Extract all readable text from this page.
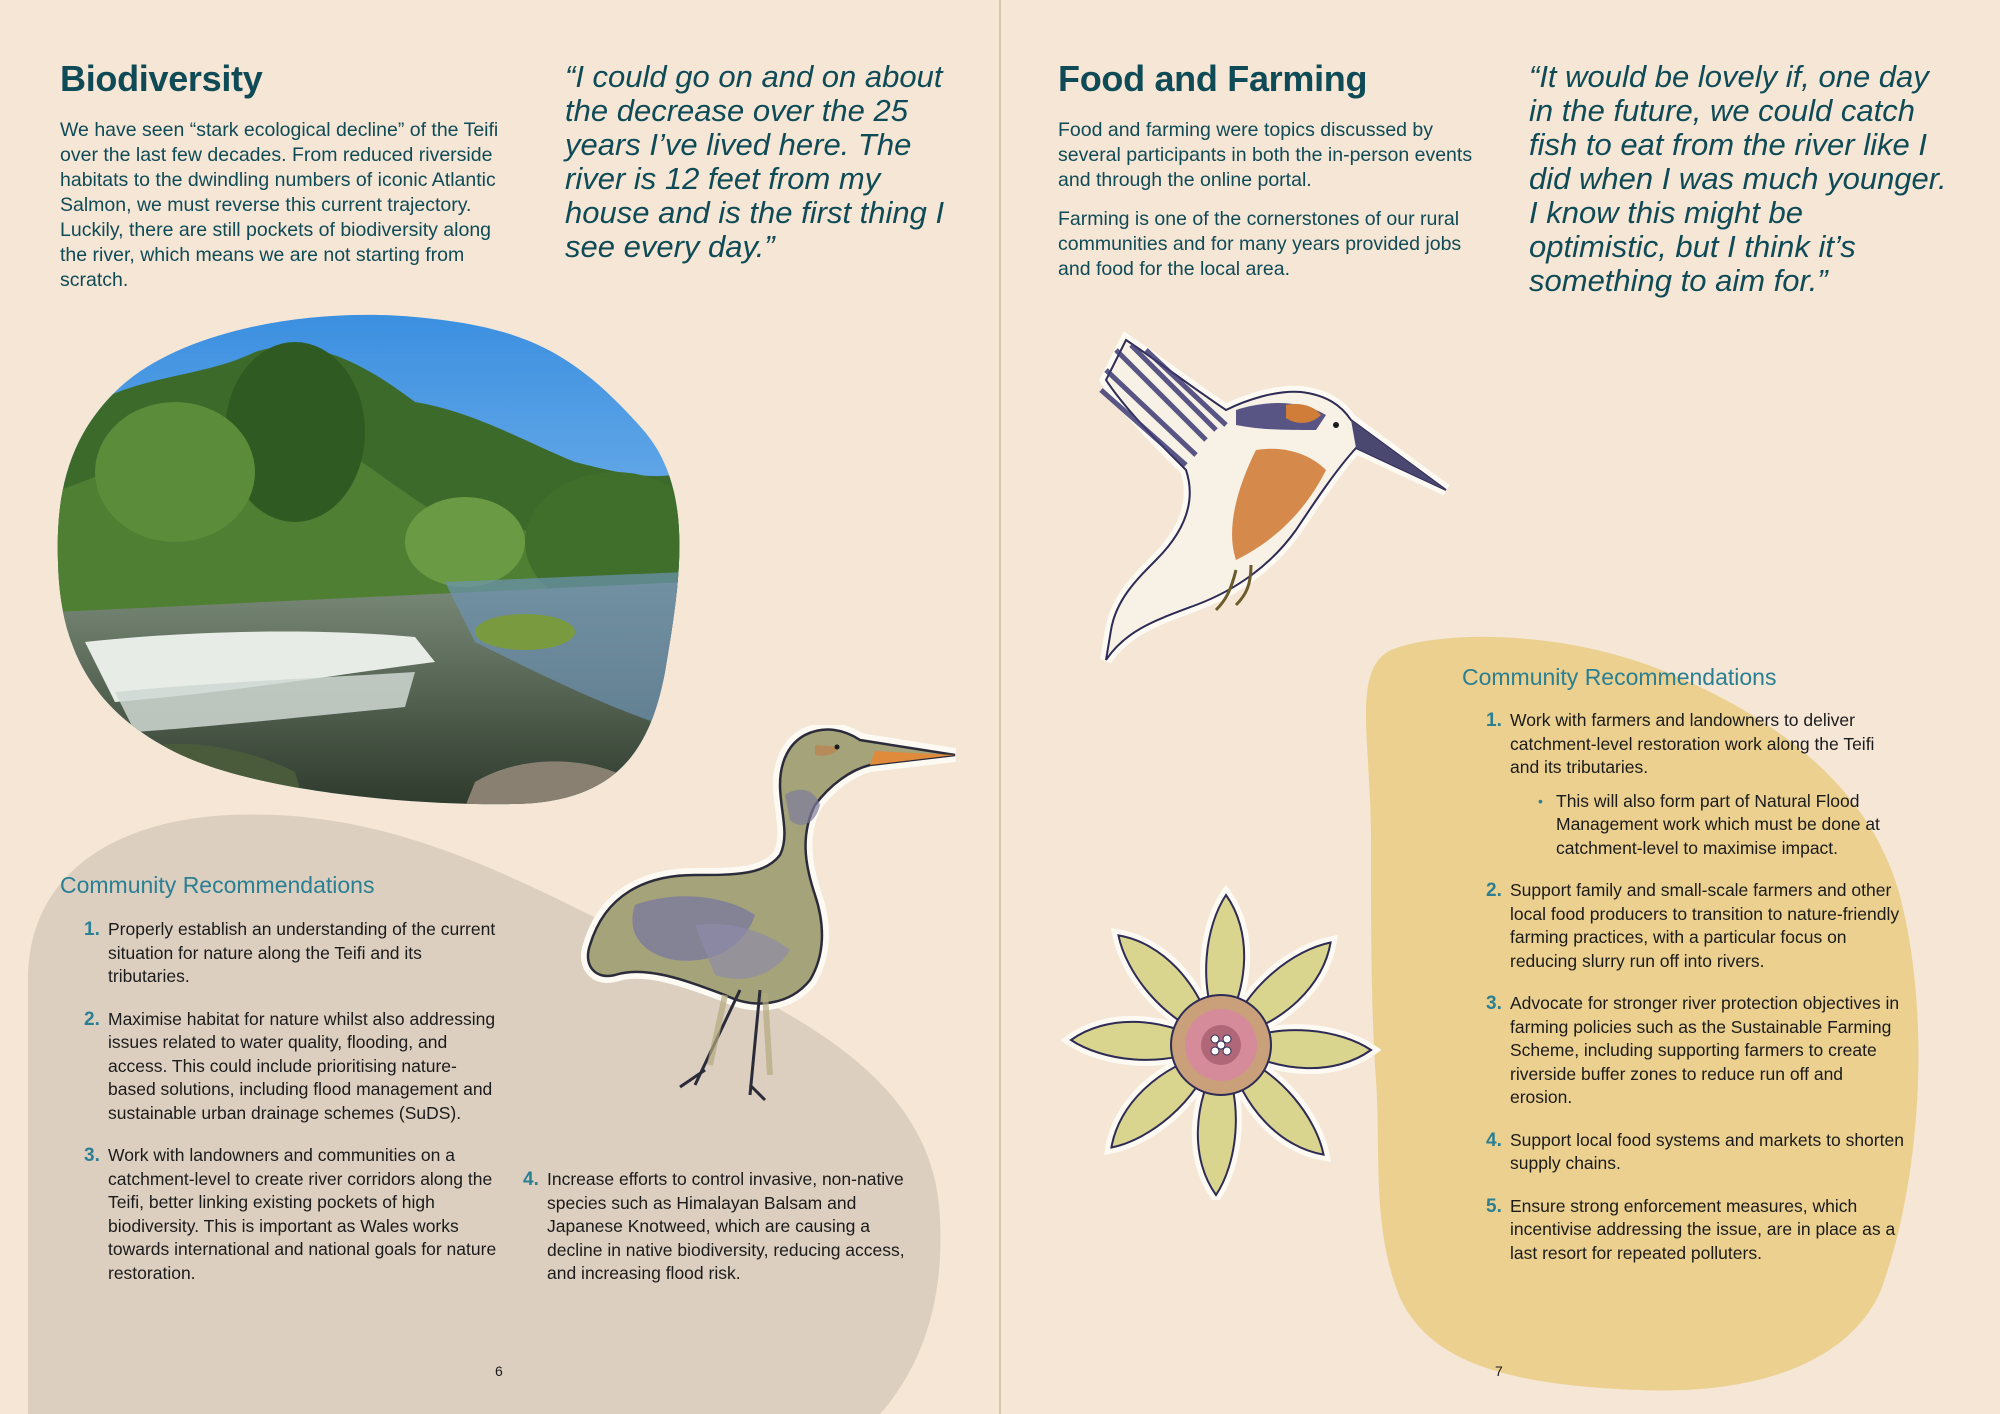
Biodiversity

We have seen “stark ecological decline” of the Teifi over the last few decades. From reduced riverside habitats to the dwindling numbers of iconic Atlantic Salmon, we must reverse this current trajectory. Luckily, there are still pockets of biodiversity along the river, which means we are not starting from scratch.

“I could go on and on about the decrease over the 25 years I’ve lived here. The river is 12 feet from my house and is the first thing I see every day.”
Community Recommendations
1. Properly establish an understanding of the current situation for nature along the Teifi and its tributaries.
2. Maximise habitat for nature whilst also addressing issues related to water quality, flooding, and access. This could include prioritising nature-based solutions, including flood management and sustainable urban drainage schemes (SuDS).
3. Work with landowners and communities on a catchment-level to create river corridors along the Teifi, better linking existing pockets of high biodiversity. This is important as Wales works towards international and national goals for nature restoration.
4. Increase efforts to control invasive, non-native species such as Himalayan Balsam and Japanese Knotweed, which are causing a decline in native biodiversity, reducing access, and increasing flood risk.
6
Food and Farming

Food and farming were topics discussed by several participants in both the in-person events and through the online portal.

Farming is one of the cornerstones of our rural communities and for many years provided jobs and food for the local area.

“It would be lovely if, one day in the future, we could catch fish to eat from the river like I did when I was much younger. I know this might be optimistic, but I think it’s something to aim for.”
Community Recommendations
1. Work with farmers and landowners to deliver catchment-level restoration work along the Teifi and its tributaries.
• This will also form part of Natural Flood Management work which must be done at catchment-level to maximise impact.
2. Support family and small-scale farmers and other local food producers to transition to nature-friendly farming practices, with a particular focus on reducing slurry run off into rivers.
3. Advocate for stronger river protection objectives in farming policies such as the Sustainable Farming Scheme, including supporting farmers to create riverside buffer zones to reduce run off and erosion.
4. Support local food systems and markets to shorten supply chains.
5. Ensure strong enforcement measures, which incentivise addressing the issue, are in place as a last resort for repeated polluters.
7
